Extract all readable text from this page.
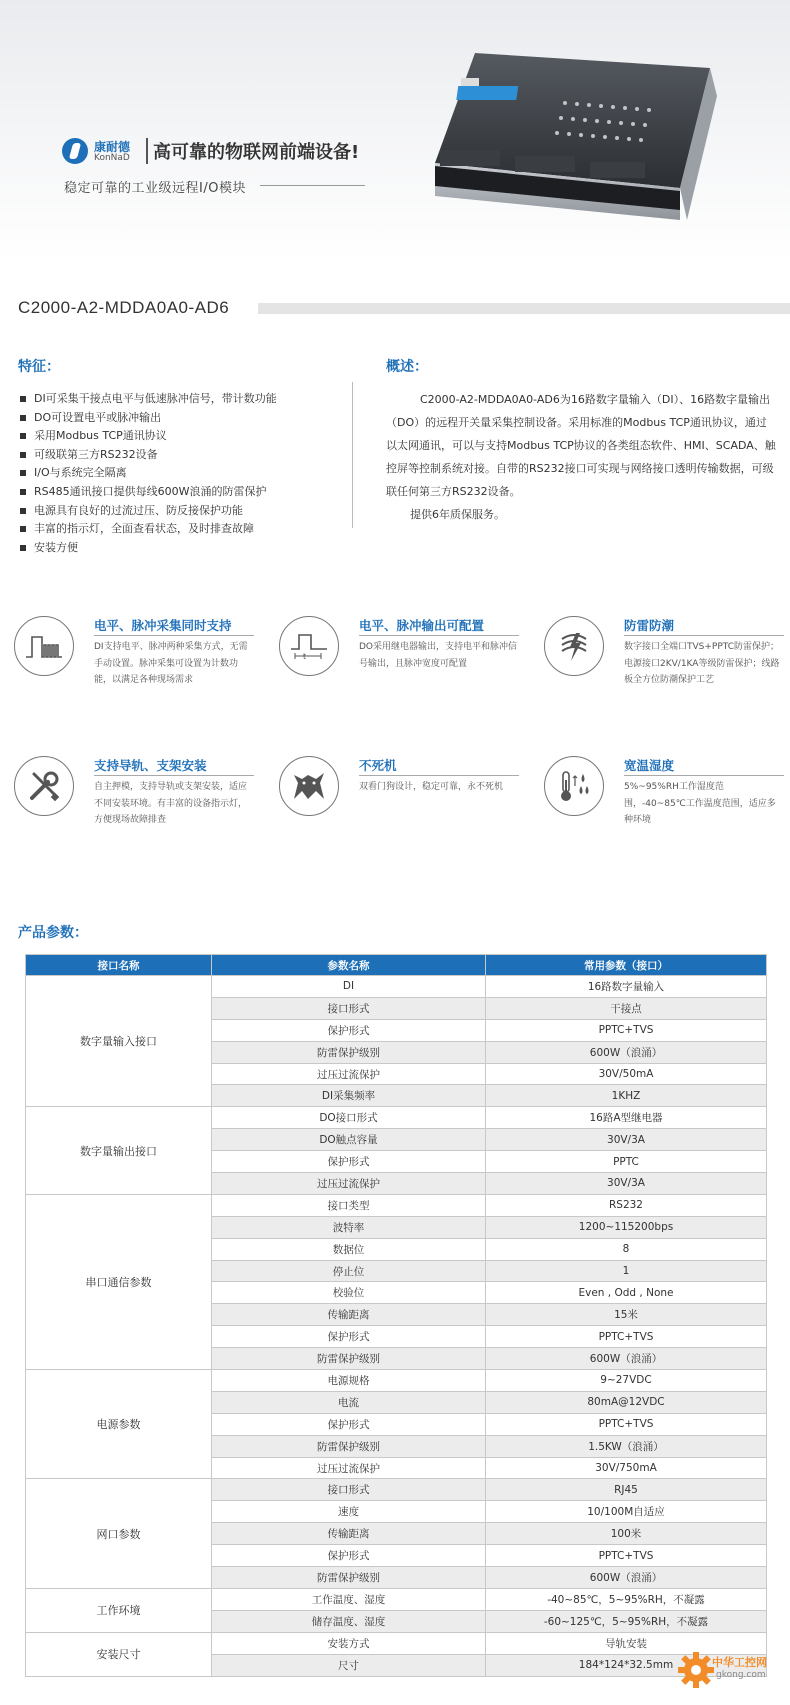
康耐德
KonNaD 高可靠的物联网前端设备!
稳定可靠的工业级远程I/O模块
C2000-A2-MDDA0A0-AD6
特征：
DI可采集干接点电平与低速脉冲信号，带计数功能
DO可设置电平或脉冲输出
采用Modbus TCP通讯协议
可级联第三方RS232设备
I/O与系统完全隔离
RS485通讯接口提供每线600W浪涌的防雷保护
电源具有良好的过流过压、防反接保护功能
丰富的指示灯，全面查看状态，及时排查故障
安装方便
概述：

C2000-A2-MDDA0A0-AD6为16路数字量输入（DI）、16路数字量输出（DO）的远程开关量采集控制设备。采用标准的Modbus TCP通讯协议，通过以太网通讯，可以与支持Modbus TCP协议的各类组态软件、HMI、SCADA、触控屏等控制系统对接。自带的RS232接口可实现与网络接口透明传输数据，可级联任何第三方RS232设备。

提供6年质保服务。
电平、脉冲采集同时支持
DI支持电平、脉冲两种采集方式，无需手动设置。脉冲采集可设置为计数功能，以满足各种现场需求
t
电平、脉冲输出可配置
DO采用继电器输出，支持电平和脉冲信号输出，且脉冲宽度可配置
防雷防潮
数字接口全端口TVS+PPTC防雷保护；电源接口2KV/1KA等级防雷保护；线路板全方位防潮保护工艺
支持导轨、支架安装
自主押模，支持导轨或支架安装，适应不同安装环境。有丰富的设备指示灯，方便现场故障排查
不死机
双看门狗设计，稳定可靠，永不死机
宽温湿度
5%~95%RH工作湿度范围，-40~85℃工作温度范围，适应多种环境
产品参数：
接口名称	参数名称	常用参数（接口）
数字量输入接口	DI	16路数字量输入
	接口形式	干接点
	保护形式	PPTC+TVS
	防雷保护级别	600W（浪涌）
	过压过流保护	30V/50mA
	DI采集频率	1KHZ
数字量输出接口	DO接口形式	16路A型继电器
	DO触点容量	30V/3A
	保护形式	PPTC
	过压过流保护	30V/3A
串口通信参数	接口类型	RS232
	波特率	1200~115200bps
	数据位	8
	停止位	1
	校验位	Even , Odd , None
	传输距离	15米
	保护形式	PPTC+TVS
	防雷保护级别	600W（浪涌）
电源参数	电源规格	9~27VDC
	电流	80mA@12VDC
	保护形式	PPTC+TVS
	防雷保护级别	1.5KW（浪涌）
	过压过流保护	30V/750mA
网口参数	接口形式	RJ45
	速度	10/100M自适应
	传输距离	100米
	保护形式	PPTC+TVS
	防雷保护级别	600W（浪涌）
工作环境	工作温度、湿度	-40~85℃，5~95%RH，不凝露
	储存温度、湿度	-60~125℃，5~95%RH，不凝露
安装尺寸	安装方式	导轨安装
	尺寸	184*124*32.5mm	中华工控网
gkong.com
